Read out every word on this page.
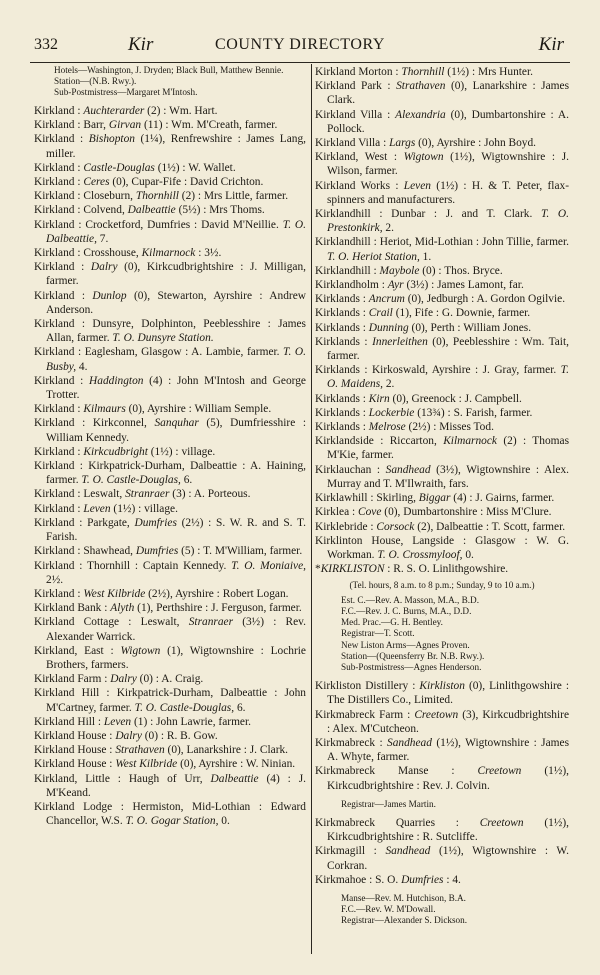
332	Kir	COUNTY DIRECTORY	Kir

Hotels—Washington, J. Dryden; Black Bull, Matthew Bennie.

Station—(N.B. Rwy.).

Sub-Postmistress—Margaret M'Intosh.

Kirkland : Auchterarder (2) : Wm. Hart.

Kirkland : Barr, Girvan (11) : Wm. M'Creath, farmer.

Kirkland : Bishopton (1¼), Renfrewshire : James Lang, miller.

Kirkland : Castle-Douglas (1½) : W. Wallet.

Kirkland : Ceres (0), Cupar-Fife : David Crichton.

Kirkland : Closeburn, Thornhill (2) : Mrs Little, farmer.

Kirkland : Colvend, Dalbeattie (5½) : Mrs Thoms.

Kirkland : Crocketford, Dumfries : David M'Neillie. T. O. Dalbeattie, 7.

Kirkland : Crosshouse, Kilmarnock : 3½.

Kirkland : Dalry (0), Kirkcudbrightshire : J. Milligan, farmer.

Kirkland : Dunlop (0), Stewarton, Ayrshire : Andrew Anderson.

Kirkland : Dunsyre, Dolphinton, Peeblesshire : James Allan, farmer. T. O. Dunsyre Station.

Kirkland : Eaglesham, Glasgow : A. Lambie, farmer. T. O. Busby, 4.

Kirkland : Haddington (4) : John M'Intosh and George Trotter.

Kirkland : Kilmaurs (0), Ayrshire : William Semple.

Kirkland : Kirkconnel, Sanquhar (5), Dumfriesshire : William Kennedy.

Kirkland : Kirkcudbright (1½) : village.

Kirkland : Kirkpatrick-Durham, Dalbeattie : A. Haining, farmer. T. O. Castle-Douglas, 6.

Kirkland : Leswalt, Stranraer (3) : A. Porteous.

Kirkland : Leven (1½) : village.

Kirkland : Parkgate, Dumfries (2½) : S. W. R. and S. T. Farish.

Kirkland : Shawhead, Dumfries (5) : T. M'William, farmer.

Kirkland : Thornhill : Captain Kennedy. T. O. Moniaive, 2½.

Kirkland : West Kilbride (2½), Ayrshire : Robert Logan.

Kirkland Bank : Alyth (1), Perthshire : J. Ferguson, farmer.

Kirkland Cottage : Leswalt, Stranraer (3½) : Rev. Alexander Warrick.

Kirkland, East : Wigtown (1), Wigtownshire : Lochrie Brothers, farmers.

Kirkland Farm : Dalry (0) : A. Craig.

Kirkland Hill : Kirkpatrick-Durham, Dalbeattie : John M'Cartney, farmer. T. O. Castle-Douglas, 6.

Kirkland Hill : Leven (1) : John Lawrie, farmer.

Kirkland House : Dalry (0) : R. B. Gow.

Kirkland House : Strathaven (0), Lanarkshire : J. Clark.

Kirkland House : West Kilbride (0), Ayrshire : W. Ninian.

Kirkland, Little : Haugh of Urr, Dalbeattie (4) : J. M'Keand.

Kirkland Lodge : Hermiston, Mid-Lothian : Edward Chancellor, W.S. T. O. Gogar Station, 0.

Kirkland Morton : Thornhill (1½) : Mrs Hunter.

Kirkland Park : Strathaven (0), Lanarkshire : James Clark.

Kirkland Villa : Alexandria (0), Dumbartonshire : A. Pollock.

Kirkland Villa : Largs (0), Ayrshire : John Boyd.

Kirkland, West : Wigtown (1½), Wigtownshire : J. Wilson, farmer.

Kirkland Works : Leven (1½) : H. & T. Peter, flax-spinners and manufacturers.

Kirklandhill : Dunbar : J. and T. Clark. T. O. Prestonkirk, 2.

Kirklandhill : Heriot, Mid-Lothian : John Tillie, farmer. T. O. Heriot Station, 1.

Kirklandhill : Maybole (0) : Thos. Bryce.

Kirklandholm : Ayr (3½) : James Lamont, far.

Kirklands : Ancrum (0), Jedburgh : A. Gordon Ogilvie.

Kirklands : Crail (1), Fife : G. Downie, farmer.

Kirklands : Dunning (0), Perth : William Jones.

Kirklands : Innerleithen (0), Peeblesshire : Wm. Tait, farmer.

Kirklands : Kirkoswald, Ayrshire : J. Gray, farmer. T. O. Maidens, 2.

Kirklands : Kirn (0), Greenock : J. Campbell.

Kirklands : Lockerbie (13¾) : S. Farish, farmer.

Kirklands : Melrose (2½) : Misses Tod.

Kirklandside : Riccarton, Kilmarnock (2) : Thomas M'Kie, farmer.

Kirklauchan : Sandhead (3½), Wigtownshire : Alex. Murray and T. M'Ilwraith, fars.

Kirklawhill : Skirling, Biggar (4) : J. Gairns, farmer.

Kirklea : Cove (0), Dumbartonshire : Miss M'Clure.

Kirklebride : Corsock (2), Dalbeattie : T. Scott, farmer.

Kirklinton House, Langside : Glasgow : W. G. Workman. T. O. Crossmyloof, 0.

*KIRKLISTON : R. S. O. Linlithgowshire.

(Tel. hours, 8 a.m. to 8 p.m.; Sunday, 9 to 10 a.m.)

Est. C.—Rev. A. Masson, M.A., B.D.

F.C.—Rev. J. C. Burns, M.A., D.D.

Med. Prac.—G. H. Bentley.

Registrar—T. Scott.

New Liston Arms—Agnes Proven.

Station—(Queensferry Br. N.B. Rwy.).

Sub-Postmistress—Agnes Henderson.

Kirkliston Distillery : Kirkliston (0), Linlithgowshire : The Distillers Co., Limited.

Kirkmabreck Farm : Creetown (3), Kirkcudbrightshire : Alex. M'Cutcheon.

Kirkmabreck : Sandhead (1½), Wigtownshire : James A. Whyte, farmer.

Kirkmabreck Manse : Creetown (1½), Kirkcudbrightshire : Rev. J. Colvin.

Registrar—James Martin.

Kirkmabreck Quarries : Creetown (1½), Kirkcudbrightshire : R. Sutcliffe.

Kirkmagill : Sandhead (1½), Wigtownshire : W. Corkran.

Kirkmahoe : S. O. Dumfries : 4.

Manse—Rev. M. Hutchison, B.A.

F.C.—Rev. W. M'Dowall.

Registrar—Alexander S. Dickson.
